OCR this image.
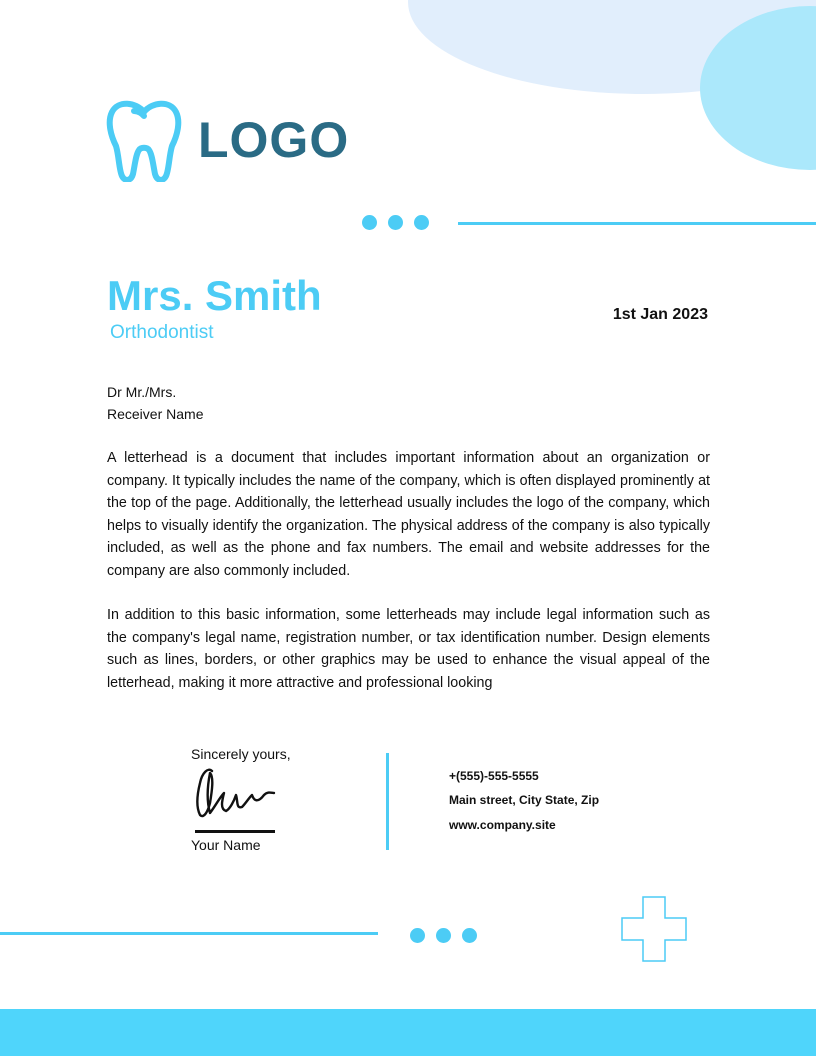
LOGO
Mrs. Smith
Orthodontist
1st Jan 2023
Dr Mr./Mrs.
Receiver Name

A letterhead is a document that includes important information about an organization or company. It typically includes the name of the company, which is often displayed prominently at the top of the page. Additionally, the letterhead usually includes the logo of the company, which helps to visually identify the organization. The physical address of the company is also typically included, as well as the phone and fax numbers. The email and website addresses for the company are also commonly included.

In addition to this basic information, some letterheads may include legal information such as the company's legal name, registration number, or tax identification number. Design elements such as lines, borders, or other graphics may be used to enhance the visual appeal of the letterhead, making it more attractive and professional looking

Sincerely yours,
Your Name
+(555)-555-5555
Main street, City State, Zip
www.company.site
